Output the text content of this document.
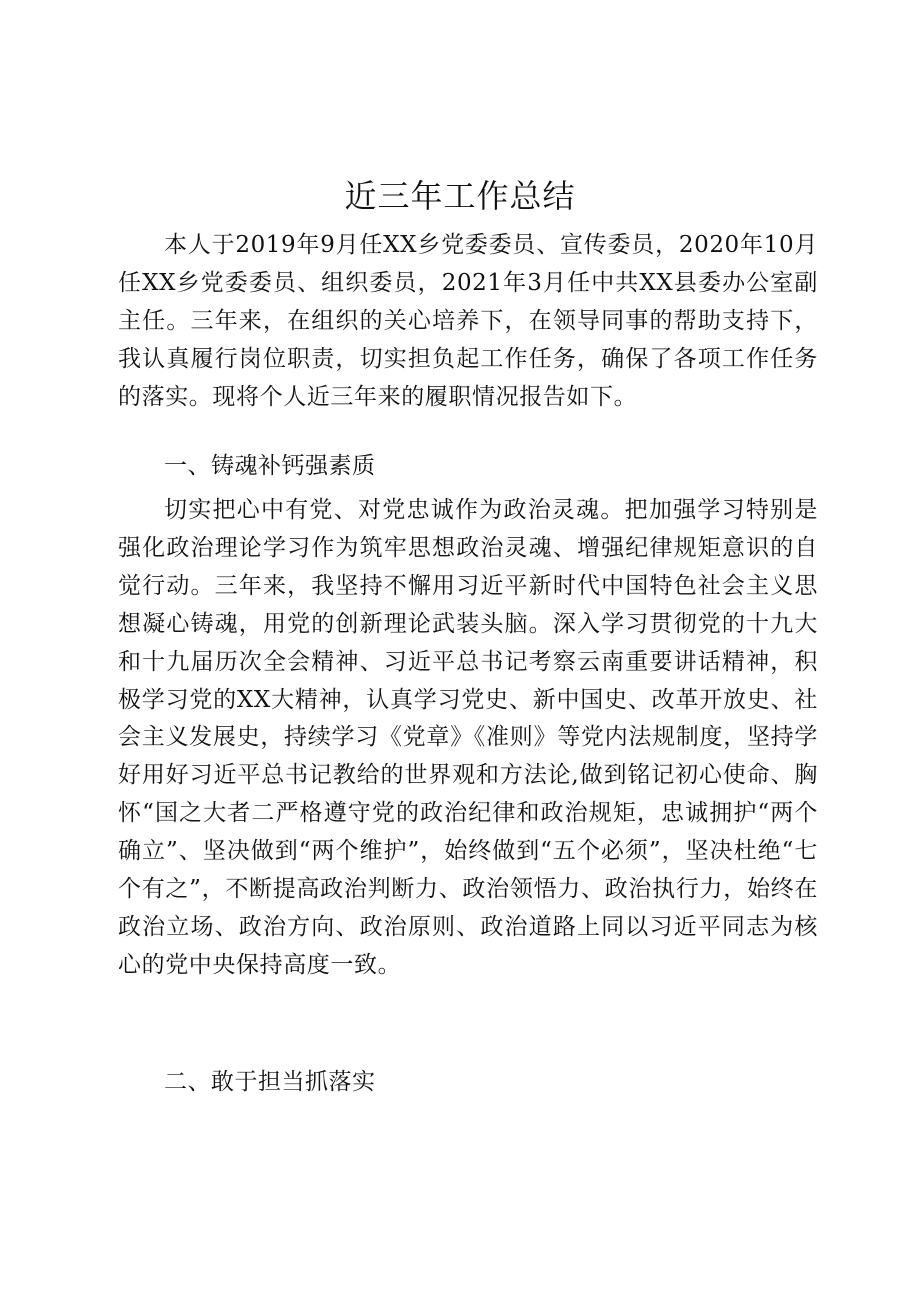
近三年工作总结

本人于2019年9月任XX乡党委委员、宣传委员，2020年10月任XX乡党委委员、组织委员，2021年3月任中共XX县委办公室副主任。三年来，在组织的关心培养下，在领导同事的帮助支持下，我认真履行岗位职责，切实担负起工作任务，确保了各项工作任务的落实。现将个人近三年来的履职情况报告如下。

一、铸魂补钙强素质

切实把心中有党、对党忠诚作为政治灵魂。把加强学习特别是强化政治理论学习作为筑牢思想政治灵魂、增强纪律规矩意识的自觉行动。三年来，我坚持不懈用习近平新时代中国特色社会主义思想凝心铸魂，用党的创新理论武装头脑。深入学习贯彻党的十九大和十九届历次全会精神、习近平总书记考察云南重要讲话精神，积极学习党的XX大精神，认真学习党史、新中国史、改革开放史、社会主义发展史，持续学习《党章》《准则》等党内法规制度，坚持学好用好习近平总书记教给的世界观和方法论,做到铭记初心使命、胸怀“国之大者二严格遵守党的政治纪律和政治规矩，忠诚拥护“两个确立”、坚决做到“两个维护”，始终做到“五个必须”，坚决杜绝“七个有之”，不断提高政治判断力、政治领悟力、政治执行力，始终在政治立场、政治方向、政治原则、政治道路上同以习近平同志为核心的党中央保持高度一致。

二、敢于担当抓落实
